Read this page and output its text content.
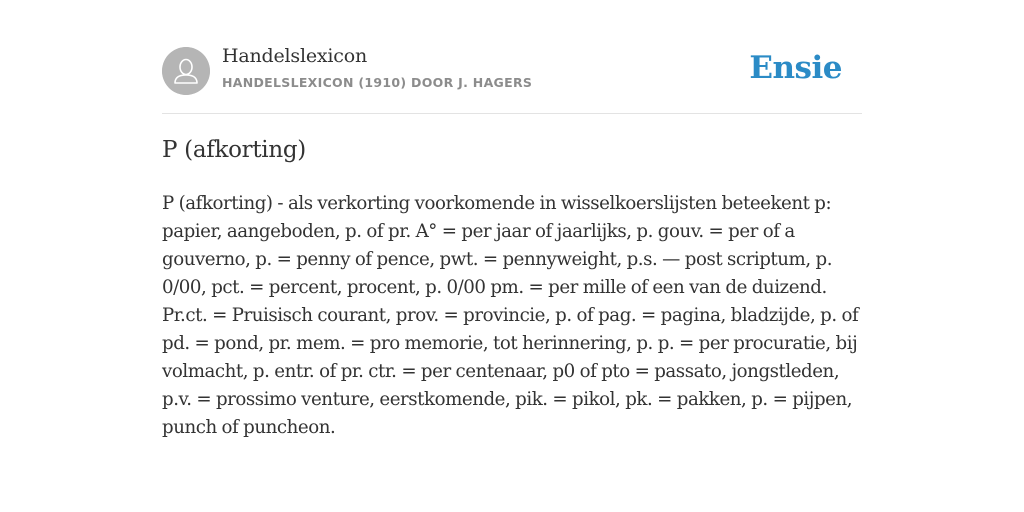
Handelslexicon
HANDELSLEXICON (1910) DOOR J. HAGERS	Ensie
P (afkorting)

P (afkorting) - als verkorting voorkomende in wisselkoerslijsten beteekent p: papier, aangeboden, p. of pr. A° = per jaar of jaarlijks, p. gouv. = per of a gouverno, p. = penny of pence, pwt. = pennyweight, p.s. — post scriptum, p. 0/00, pct. = percent, procent, p. 0/00 pm. = per mille of een van de duizend. Pr.ct. = Pruisisch courant, prov. = provincie, p. of pag. = pagina, bladzijde, p. of pd. = pond, pr. mem. = pro memorie, tot herinnering, p. p. = per procuratie, bij volmacht, p. entr. of pr. ctr. = per centenaar, p0 of pto = passato, jongstleden, p.v. = prossimo venture, eerstkomende, pik. = pikol, pk. = pakken, p. = pijpen, punch of puncheon.
